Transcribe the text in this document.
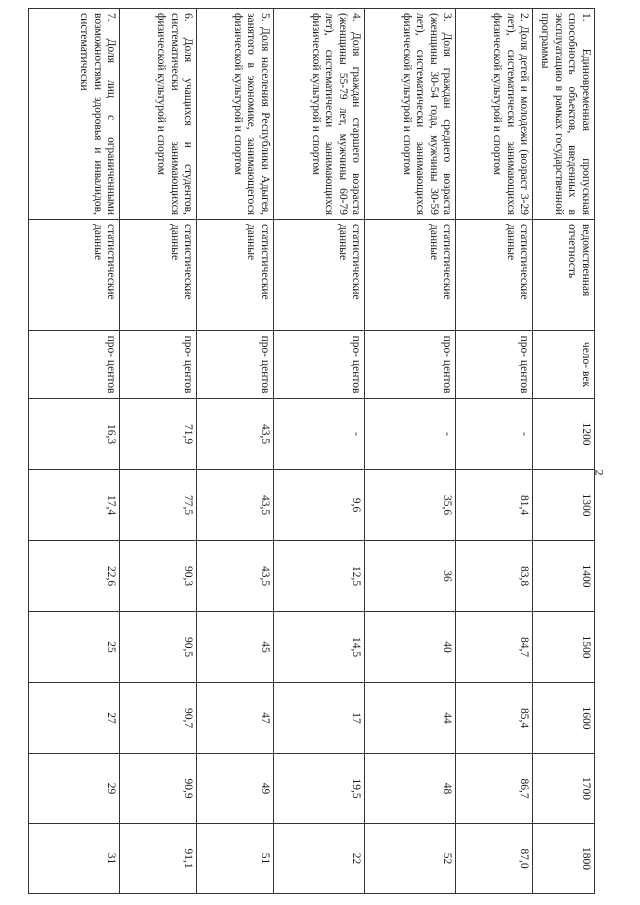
2
1. Единовременная пропускная способность объектов, введенных в эксплуатацию в рамках государственной программы	ведомственная отчетность	чело- век	1200	1300	1400	1500	1600	1700	1800
2. Доля детей и молодежи (возраст 3-29 лет), систематически занимающихся физической культурой и спортом	статистические данные	про- центов	-	81,4	83,8	84,7	85,4	86,7	87,0
3. Доля граждан среднего возраста (женщины 30-54 года, мужчины 30-59 лет), систематически занимающихся физической культурой и спортом	статистические данные	про- центов	-	35,6	36	40	44	48	52
4. Доля граждан старшего возраста (женщины 55-79 лет, мужчины 60-79 лет), систематически занимающихся физической культурой и спортом	статистические данные	про- центов	-	9,6	12,5	14,5	17	19,5	22
5. Доля населения Республики Адыгея, занятого в экономике, занимающегося физической культурой и спортом	статистические данные	про- центов	43,5	43,5	43,5	45	47	49	51
6. Доля учащихся и студентов, систематически занимающихся физической культурой и спортом	статистические данные	про- центов	71,9	77,5	90,3	90,5	90,7	90,9	91,1
7. Доля лиц с ограниченными возможностями здоровья и инвалидов, систематически	статистические данные	про- центов	16,3	17,4	22,6	25	27	29	31
